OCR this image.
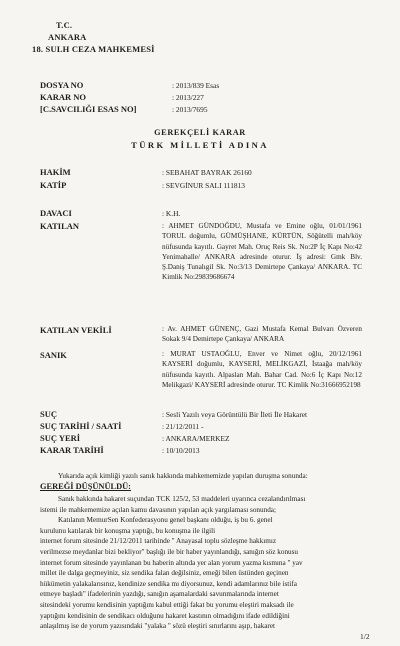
T.C.
ANKARA
18. SULH CEZA MAHKEMESİ
DOSYA NO	: 2013/839 Esas
KARAR NO	: 2013/227
[C.SAVCILIĞI ESAS NO]	: 2013/7695
GEREKÇELİ KARAR
TÜRK MİLLETİ ADINA
HAKİM	: SEBAHAT BAYRAK 26160
KATİP	: SEVGİNUR SALI 111813
DAVACI	: K.H.
KATILAN	: AHMET GÜNDOĞDU, Mustafa ve Emine oğlu, 01/01/1961 TORUL doğumlu, GÜMÜŞHANE, KÜRTÜN, Söğütelli mah/köy nüfusunda kayıtlı. Gayret Mah. Oruç Reis Sk. No:2P İç Kapı No:42 Yenimahalle/ ANKARA adresinde oturur. İş adresi: Gmk Blv. Ş.Daniş Tunalıgil Sk. No:3/13 Demirtepe Çankaya/ ANKARA. TC Kimlik No:29839686674
KATILAN VEKİLİ	: Av. AHMET GÜNENÇ, Gazi Mustafa Kemal Bulvarı Özveren Sokak 9/4 Demirtepe Çankaya/ ANKARA
SANIK	: MURAT USTAOĞLU, Enver ve Nimet oğlu, 20/12/1961 KAYSERİ doğumlu, KAYSERİ, MELİKGAZİ, İstaağa mah/köy nüfusunda kayıtlı. Alpaslan Mah. Bahar Cad. No:6 İç Kapı No:12 Melikgazi/ KAYSERİ adresinde oturur. TC Kimlik No:31666952198
SUÇ	: Sesli Yazılı veya Görüntülü Bir İleti İle Hakaret
SUÇ TARİHİ / SAATİ	: 21/12/2011 -
SUÇ YERİ	: ANKARA/MERKEZ
KARAR TARİHİ	: 10/10/2013
Yukarıda açık kimliği yazılı sanık hakkında mahkememizde yapılan duruşma sonunda:
GEREĞİ DÜŞÜNÜLDÜ:
Sanık hakkında hakaret suçundan TCK 125/2, 53 maddeleri uyarınca cezalandırılması
istemi ile mahkememize açılan kamu davasının yapılan açık yargılaması sonunda;
Katılanın MemurSen Konfederasyonu genel başkanı olduğu, iş bu 6. genel
kurulunu katılarak bir konuşma yaptığı, bu konuşma ile ilgili
internet forum sitesinde 21/12/2011 tarihinde " Anayasal toplu sözleşme hakkımız
verilmezse meydanlar bizi bekliyor" başlığı ile bir haber yayınlandığı, sanığın söz konusu
internet forum sitesinde yayınlanan bu haberin altında yer alan yorum yazma kısmına " yav
millet ile dalga geçmeyiniz, siz sendika falan değilsiniz, emeği bilen üstünden geçinen
hükümetin yalakalarısınız, kendinize sendika mı diyorsunuz, kendi adamlarınız bile istifa
etmeye başladı" ifadelerinin yazdığı, sanığın aşamalardaki savunmalarında internet
sitesindeki yorumu kendisinin yaptığını kabul ettiği fakat bu yorumu eleştiri maksadı ile
yaptığını kendisinin de sendikacı olduğunu hakaret kastının olmadığını ifade edildiğini
anlaşılmış ise de yorum yazısındaki "yalaka " sözü eleştiri sınırlarını aşıp, hakaret
1/2
